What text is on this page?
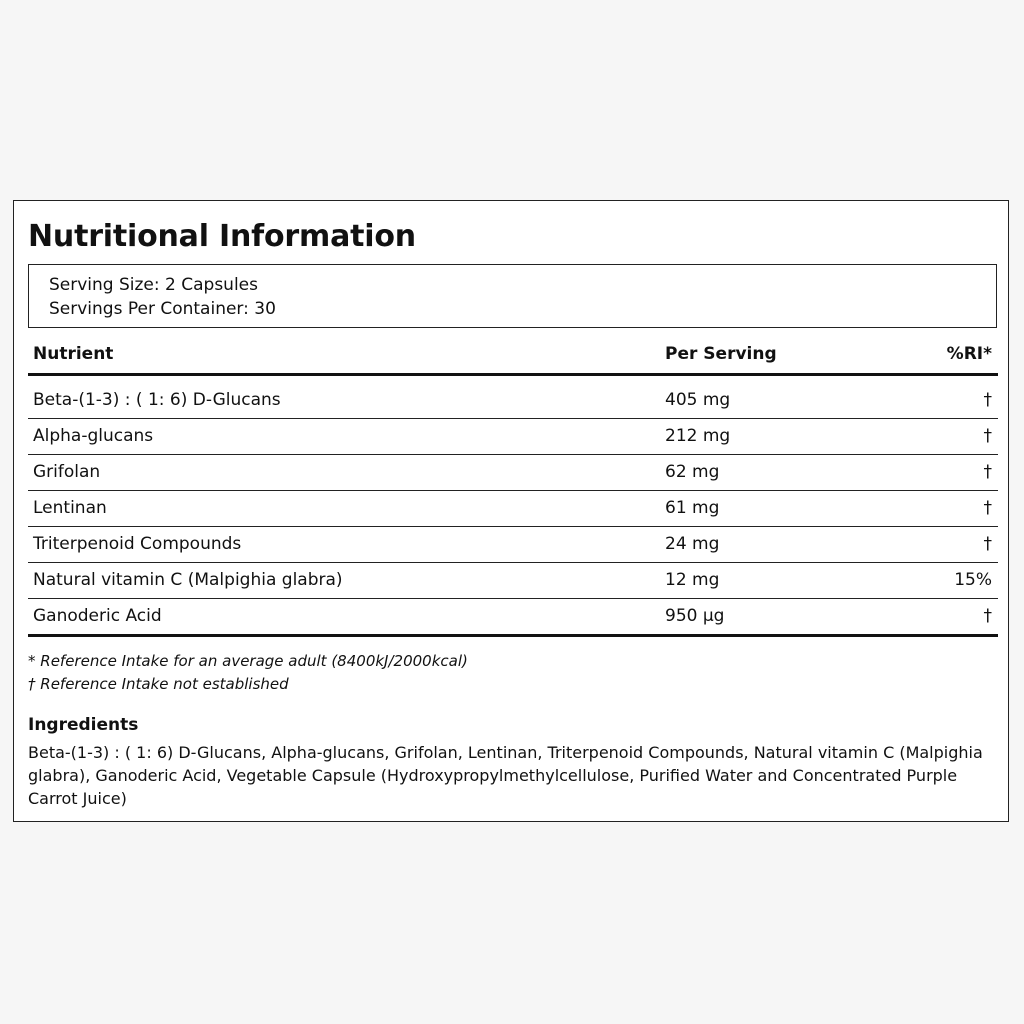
Nutritional Information
Serving Size: 2 Capsules
Servings Per Container: 30
Nutrient	Per Serving	%RI*
Beta-(1-3) : ( 1: 6) D-Glucans	405 mg	†
Alpha-glucans	212 mg	†
Grifolan	62 mg	†
Lentinan	61 mg	†
Triterpenoid Compounds	24 mg	†
Natural vitamin C (Malpighia glabra)	12 mg	15%
Ganoderic Acid	950 µg	†
* Reference Intake for an average adult (8400kJ/2000kcal)
† Reference Intake not established
Ingredients

Beta-(1-3) : ( 1: 6) D-Glucans, Alpha-glucans, Grifolan, Lentinan, Triterpenoid Compounds, Natural vitamin C (Malpighia glabra), Ganoderic Acid, Vegetable Capsule (Hydroxypropylmethylcellulose, Purified Water and Concentrated Purple Carrot Juice)
